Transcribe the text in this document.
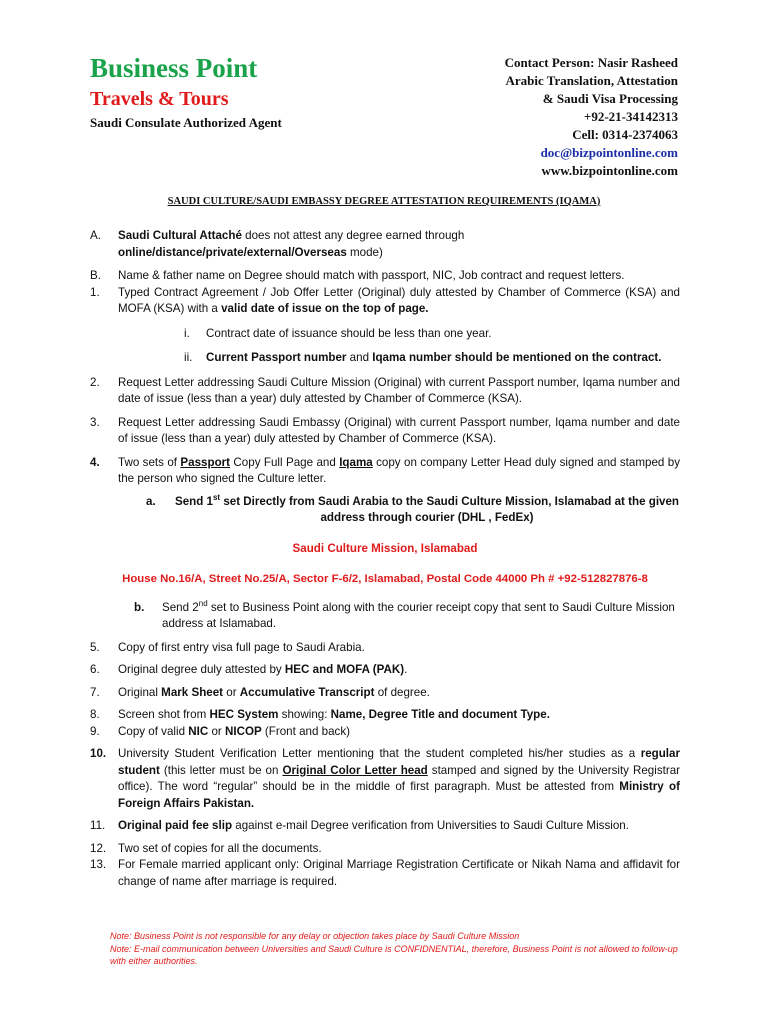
Business Point
Travels & Tours
Saudi Consulate Authorized Agent
Contact Person: Nasir Rasheed
Arabic Translation, Attestation
& Saudi Visa Processing
+92-21-34142313
Cell: 0314-2374063
doc@bizpointonline.com
www.bizpointonline.com
SAUDI CULTURE/SAUDI EMBASSY DEGREE ATTESTATION REQUIREMENTS (IQAMA)
A.	Saudi Cultural Attaché does not attest any degree earned through
online/distance/private/external/Overseas mode)
B.	Name & father name on Degree should match with passport, NIC, Job contract and request letters.
1.	Typed Contract Agreement / Job Offer Letter (Original) duly attested by Chamber of Commerce (KSA) and MOFA (KSA) with a valid date of issue on the top of page.
i.	Contract date of issuance should be less than one year.
ii.	Current Passport number and Iqama number should be mentioned on the contract.
2.	Request Letter addressing Saudi Culture Mission (Original) with current Passport number, Iqama number and date of issue (less than a year) duly attested by Chamber of Commerce (KSA).
3.	Request Letter addressing Saudi Embassy (Original) with current Passport number, Iqama number and date of issue (less than a year) duly attested by Chamber of Commerce (KSA).
4.	Two sets of Passport Copy Full Page and Iqama copy on company Letter Head duly signed and stamped by the person who signed the Culture letter.
a.	Send 1st set Directly from Saudi Arabia to the Saudi Culture Mission, Islamabad at the given address through courier (DHL , FedEx)
Saudi Culture Mission, Islamabad
House No.16/A, Street No.25/A, Sector F-6/2, Islamabad, Postal Code 44000 Ph # +92-512827876-8
b.	Send 2nd set to Business Point along with the courier receipt copy that sent to Saudi Culture Mission address at Islamabad.
5.	Copy of first entry visa full page to Saudi Arabia.
6.	Original degree duly attested by HEC and MOFA (PAK).
7.	Original Mark Sheet or Accumulative Transcript of degree.
8.	Screen shot from HEC System showing: Name, Degree Title and document Type.
9.	Copy of valid NIC or NICOP (Front and back)
10.	University Student Verification Letter mentioning that the student completed his/her studies as a regular student (this letter must be on Original Color Letter head stamped and signed by the University Registrar office). The word “regular” should be in the middle of first paragraph. Must be attested from Ministry of Foreign Affairs Pakistan.
11.	Original paid fee slip against e-mail Degree verification from Universities to Saudi Culture Mission.
12.	Two set of copies for all the documents.
13.	For Female married applicant only: Original Marriage Registration Certificate or Nikah Nama and affidavit for change of name after marriage is required.
Note: Business Point is not responsible for any delay or objection takes place by Saudi Culture Mission
Note: E-mail communication between Universities and Saudi Culture is CONFIDNENTIAL, therefore, Business Point is not allowed to follow-up with either authorities.
